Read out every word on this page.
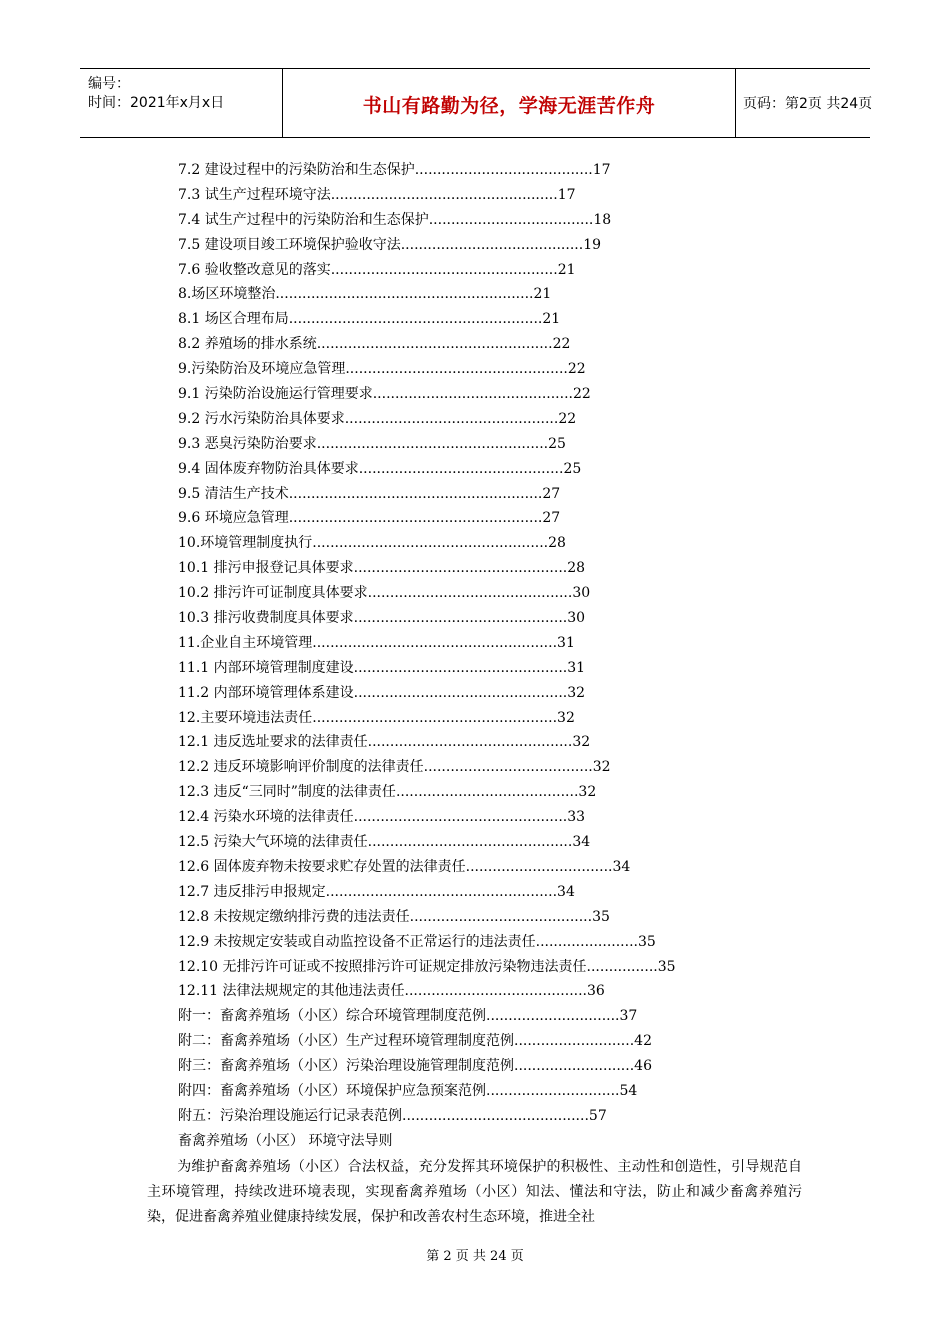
编号：
时间：2021年x月x日	书山有路勤为径，学海无涯苦作舟	页码：第2页 共24页
7.2 建设过程中的污染防治和生态保护 ........................................ 17
7.3 试生产过程环境守法 ................................................... 17
7.4 试生产过程中的污染防治和生态保护 ..................................... 18
7.5 建设项目竣工环境保护验收守法 ......................................... 19
7.6 验收整改意见的落实 ................................................... 21
8.场区环境整治 .......................................................... 21
8.1 场区合理布局 ......................................................... 21
8.2 养殖场的排水系统 ..................................................... 22
9.污染防治及环境应急管理 .................................................. 22
9.1 污染防治设施运行管理要求 ............................................. 22
9.2 污水污染防治具体要求 ................................................ 22
9.3 恶臭污染防治要求 .................................................... 25
9.4 固体废弃物防治具体要求 .............................................. 25
9.5 清洁生产技术 ......................................................... 27
9.6 环境应急管理 ......................................................... 27
10.环境管理制度执行 ..................................................... 28
10.1 排污申报登记具体要求 ................................................ 28
10.2 排污许可证制度具体要求 .............................................. 30
10.3 排污收费制度具体要求 ................................................ 30
11.企业自主环境管理 ....................................................... 31
11.1 内部环境管理制度建设 ................................................ 31
11.2 内部环境管理体系建设 ................................................ 32
12.主要环境违法责任 ....................................................... 32
12.1 违反选址要求的法律责任 .............................................. 32
12.2 违反环境影响评价制度的法律责任 ...................................... 32
12.3 违反“三同时”制度的法律责任 ......................................... 32
12.4 污染水环境的法律责任 ................................................ 33
12.5 污染大气环境的法律责任 .............................................. 34
12.6 固体废弃物未按要求贮存处置的法律责任 ................................. 34
12.7 违反排污申报规定 .................................................... 34
12.8 未按规定缴纳排污费的违法责任 ......................................... 35
12.9 未按规定安装或自动监控设备不正常运行的违法责任 ....................... 35
12.10 无排污许可证或不按照排污许可证规定排放污染物违法责任 ................ 35
12.11 法律法规规定的其他违法责任 ......................................... 36
附一：畜禽养殖场（小区）综合环境管理制度范例 .............................. 37
附二：畜禽养殖场（小区）生产过程环境管理制度范例 ........................... 42
附三：畜禽养殖场（小区）污染治理设施管理制度范例 ........................... 46
附四：畜禽养殖场（小区）环境保护应急预案范例 .............................. 54
附五：污染治理设施运行记录表范例 .......................................... 57
畜禽养殖场（小区） 环境守法导则
为维护畜禽养殖场（小区）合法权益，充分发挥其环境保护的积极性、主动性和创造性，引导规范自主环境管理，持续改进环境表现，实现畜禽养殖场（小区）知法、懂法和守法，防止和减少畜禽养殖污染，促进畜禽养殖业健康持续发展，保护和改善农村生态环境，推进全社
第 2 页 共 24 页
